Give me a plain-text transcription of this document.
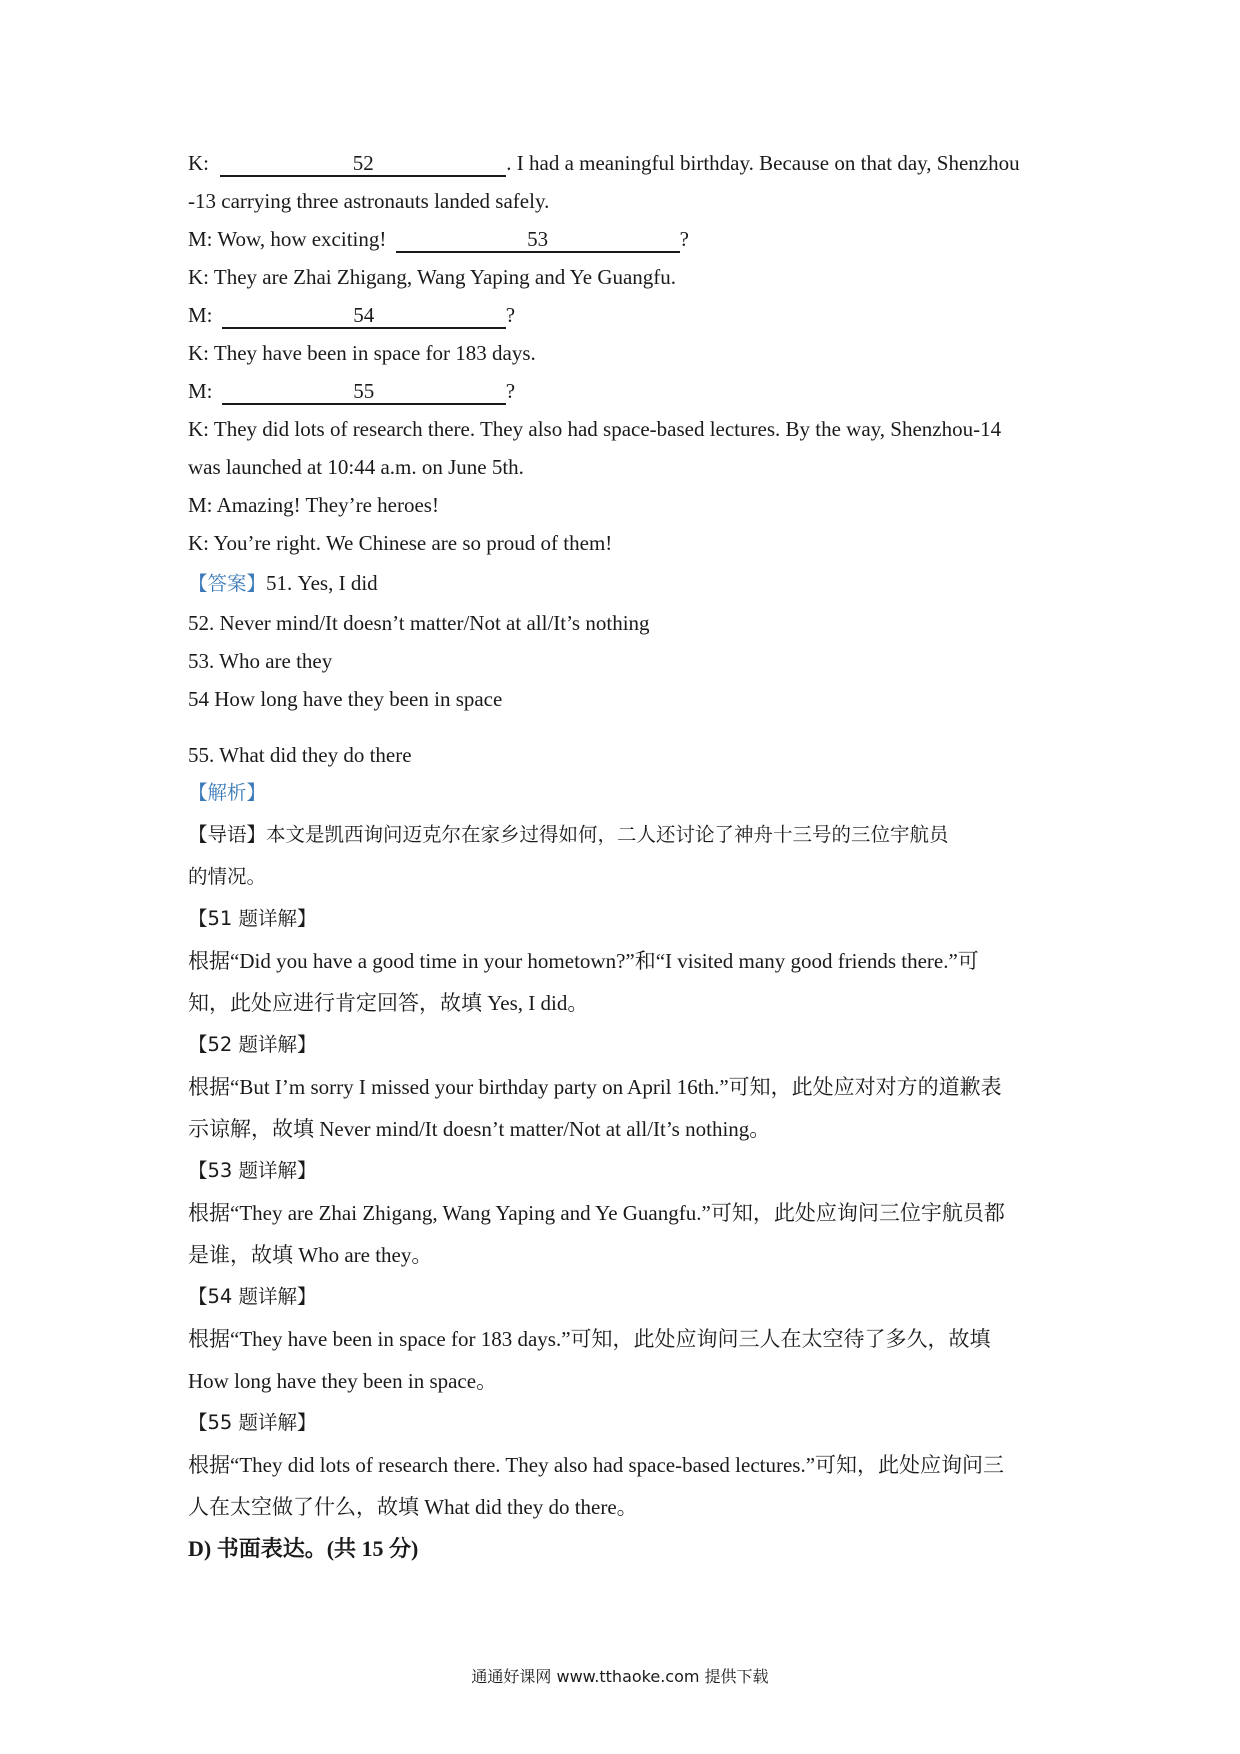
K:	52	. I had a meaningful birthday. Because on that day, Shenzhou
-13 carrying three astronauts landed safely.
M: Wow, how exciting!	53	?
K: They are Zhai Zhigang, Wang Yaping and Ye Guangfu.
M:	54	?
K: They have been in space for 183 days.
M:	55	?
K: They did lots of research there. They also had space-based lectures. By the way, Shenzhou-14
was launched at 10:44 a.m. on June 5th.
M: Amazing! They’re heroes!
K: You’re right. We Chinese are so proud of them!
【答案】51. Yes, I did
52. Never mind/It doesn’t matter/Not at all/It’s nothing
53. Who are they
54 How long have they been in space
55. What did they do there
【解析】
【导语】本文是凯西询问迈克尔在家乡过得如何，二人还讨论了神舟十三号的三位宇航员
的情况。
【51 题详解】
根据“Did you have a good time in your hometown?”和“I visited many good friends there.”可
知，此处应进行肯定回答，故填 Yes, I did。
【52 题详解】
根据“But I’m sorry I missed your birthday party on April 16th.”可知，此处应对对方的道歉表
示谅解，故填 Never mind/It doesn’t matter/Not at all/It’s nothing。
【53 题详解】
根据“They are Zhai Zhigang, Wang Yaping and Ye Guangfu.”可知，此处应询问三位宇航员都
是谁，故填 Who are they。
【54 题详解】
根据“They have been in space for 183 days.”可知，此处应询问三人在太空待了多久，故填
How long have they been in space。
【55 题详解】
根据“They did lots of research there. They also had space-based lectures.”可知，此处应询问三
人在太空做了什么，故填 What did they do there。
D) 书面表达。(共 15 分)
通通好课网 www.tthaoke.com 提供下载
